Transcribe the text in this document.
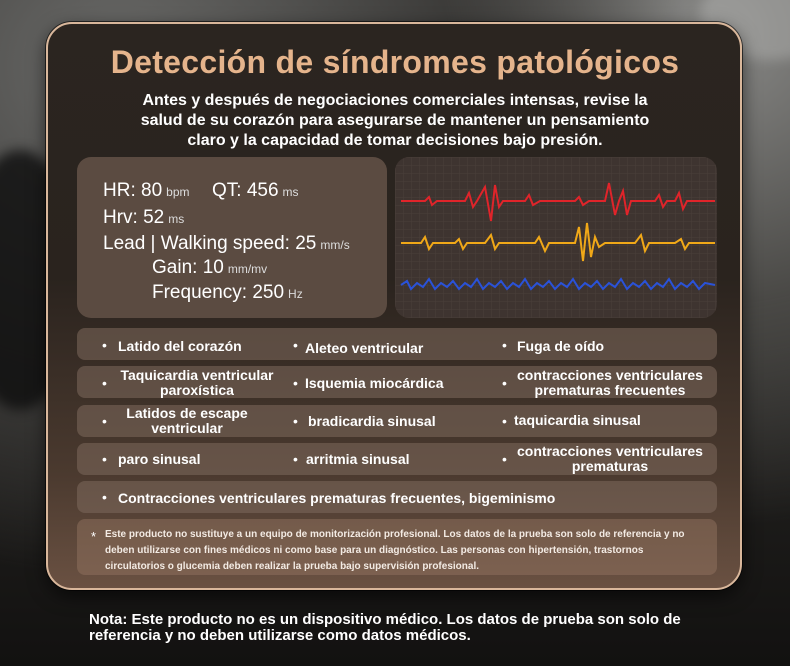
Detección de síndromes patológicos
Antes y después de negociaciones comerciales intensas, revise la salud de su corazón para asegurarse de mantener un pensamiento claro y la capacidad de tomar decisiones bajo presión.
HR: 80 bpm QT: 456 ms
Hrv: 52 ms
Lead | Walking speed: 25 mm/s
Gain: 10 mm/mv
Frequency: 250 Hz
• Latido del corazón	• Aleteo ventricular	• Fuga de oído
• Taquicardia ventricular paroxística	• Isquemia miocárdica	• contracciones ventriculares prematuras frecuentes
•	Latidos de escape ventricular	• bradicardia sinusal	• taquicardia sinusal
• paro sinusal	• arritmia sinusal	• contracciones ventriculares prematuras
• Contracciones ventriculares prematuras frecuentes, bigeminismo
* Este producto no sustituye a un equipo de monitorización profesional. Los datos de la prueba son solo de referencia y no deben utilizarse con fines médicos ni como base para un diagnóstico. Las personas con hipertensión, trastornos circulatorios o glucemia deben realizar la prueba bajo supervisión profesional.
Nota: Este producto no es un dispositivo médico. Los datos de prueba son solo de referencia y no deben utilizarse como datos médicos.
